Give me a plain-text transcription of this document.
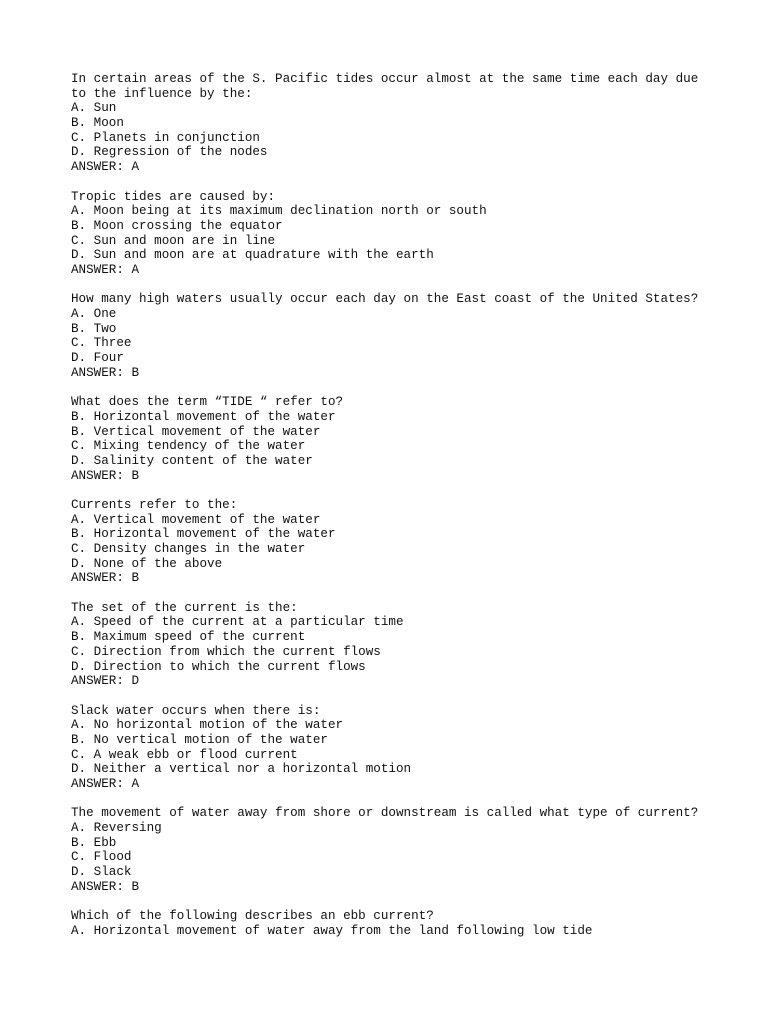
In certain areas of the S. Pacific tides occur almost at the same time each day due
to the influence by the:
A. Sun
B. Moon
C. Planets in conjunction
D. Regression of the nodes
ANSWER: A
Tropic tides are caused by:
A. Moon being at its maximum declination north or south
B. Moon crossing the equator
C. Sun and moon are in line
D. Sun and moon are at quadrature with the earth
ANSWER: A
How many high waters usually occur each day on the East coast of the United States?
A. One
B. Two
C. Three
D. Four
ANSWER: B
What does the term “TIDE “ refer to?
B. Horizontal movement of the water
B. Vertical movement of the water
C. Mixing tendency of the water
D. Salinity content of the water
ANSWER: B
Currents refer to the:
A. Vertical movement of the water
B. Horizontal movement of the water
C. Density changes in the water
D. None of the above
ANSWER: B
The set of the current is the:
A. Speed of the current at a particular time
B. Maximum speed of the current
C. Direction from which the current flows
D. Direction to which the current flows
ANSWER: D
Slack water occurs when there is:
A. No horizontal motion of the water
B. No vertical motion of the water
C. A weak ebb or flood current
D. Neither a vertical nor a horizontal motion
ANSWER: A
The movement of water away from shore or downstream is called what type of current?
A. Reversing
B. Ebb
C. Flood
D. Slack
ANSWER: B
Which of the following describes an ebb current?
A. Horizontal movement of water away from the land following low tide
